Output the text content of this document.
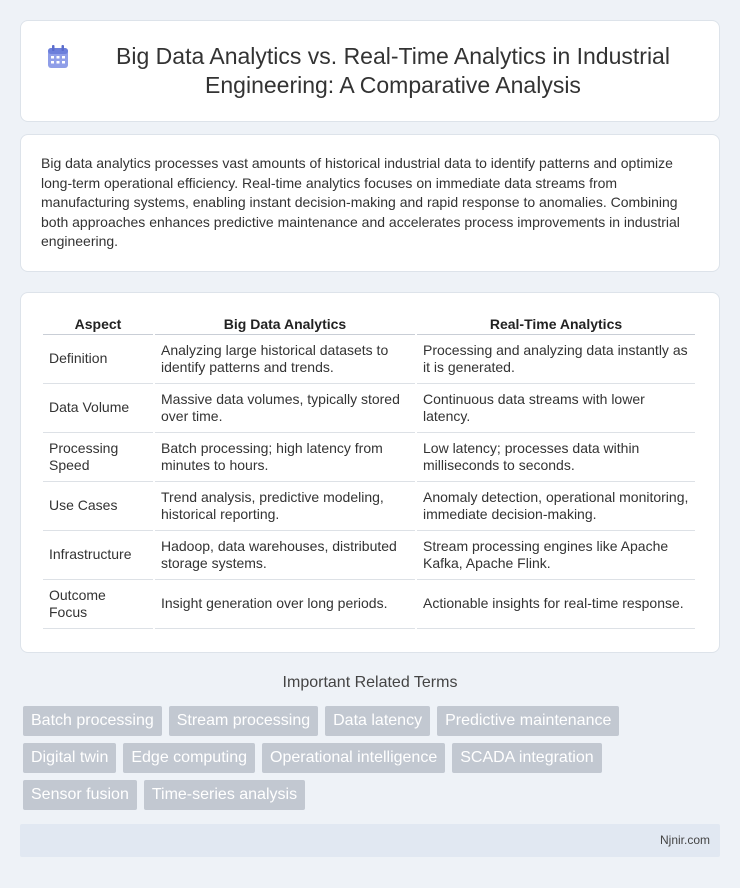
Big Data Analytics vs. Real-Time Analytics in Industrial Engineering: A Comparative Analysis

Big data analytics processes vast amounts of historical industrial data to identify patterns and optimize long-term operational efficiency. Real-time analytics focuses on immediate data streams from manufacturing systems, enabling instant decision-making and rapid response to anomalies. Combining both approaches enhances predictive maintenance and accelerates process improvements in industrial engineering.

Aspect	Big Data Analytics	Real-Time Analytics
Definition	Analyzing large historical datasets to identify patterns and trends.	Processing and analyzing data instantly as it is generated.
Data Volume	Massive data volumes, typically stored over time.	Continuous data streams with lower latency.
Processing Speed	Batch processing; high latency from minutes to hours.	Low latency; processes data within milliseconds to seconds.
Use Cases	Trend analysis, predictive modeling, historical reporting.	Anomaly detection, operational monitoring, immediate decision-making.
Infrastructure	Hadoop, data warehouses, distributed storage systems.	Stream processing engines like Apache Kafka, Apache Flink.
Outcome Focus	Insight generation over long periods.	Actionable insights for real-time response.
Important Related Terms
Batch processing	Stream processing	Data latency	Predictive maintenance
Digital twin	Edge computing	Operational intelligence	SCADA integration
Sensor fusion	Time-series analysis
Njnir.com
